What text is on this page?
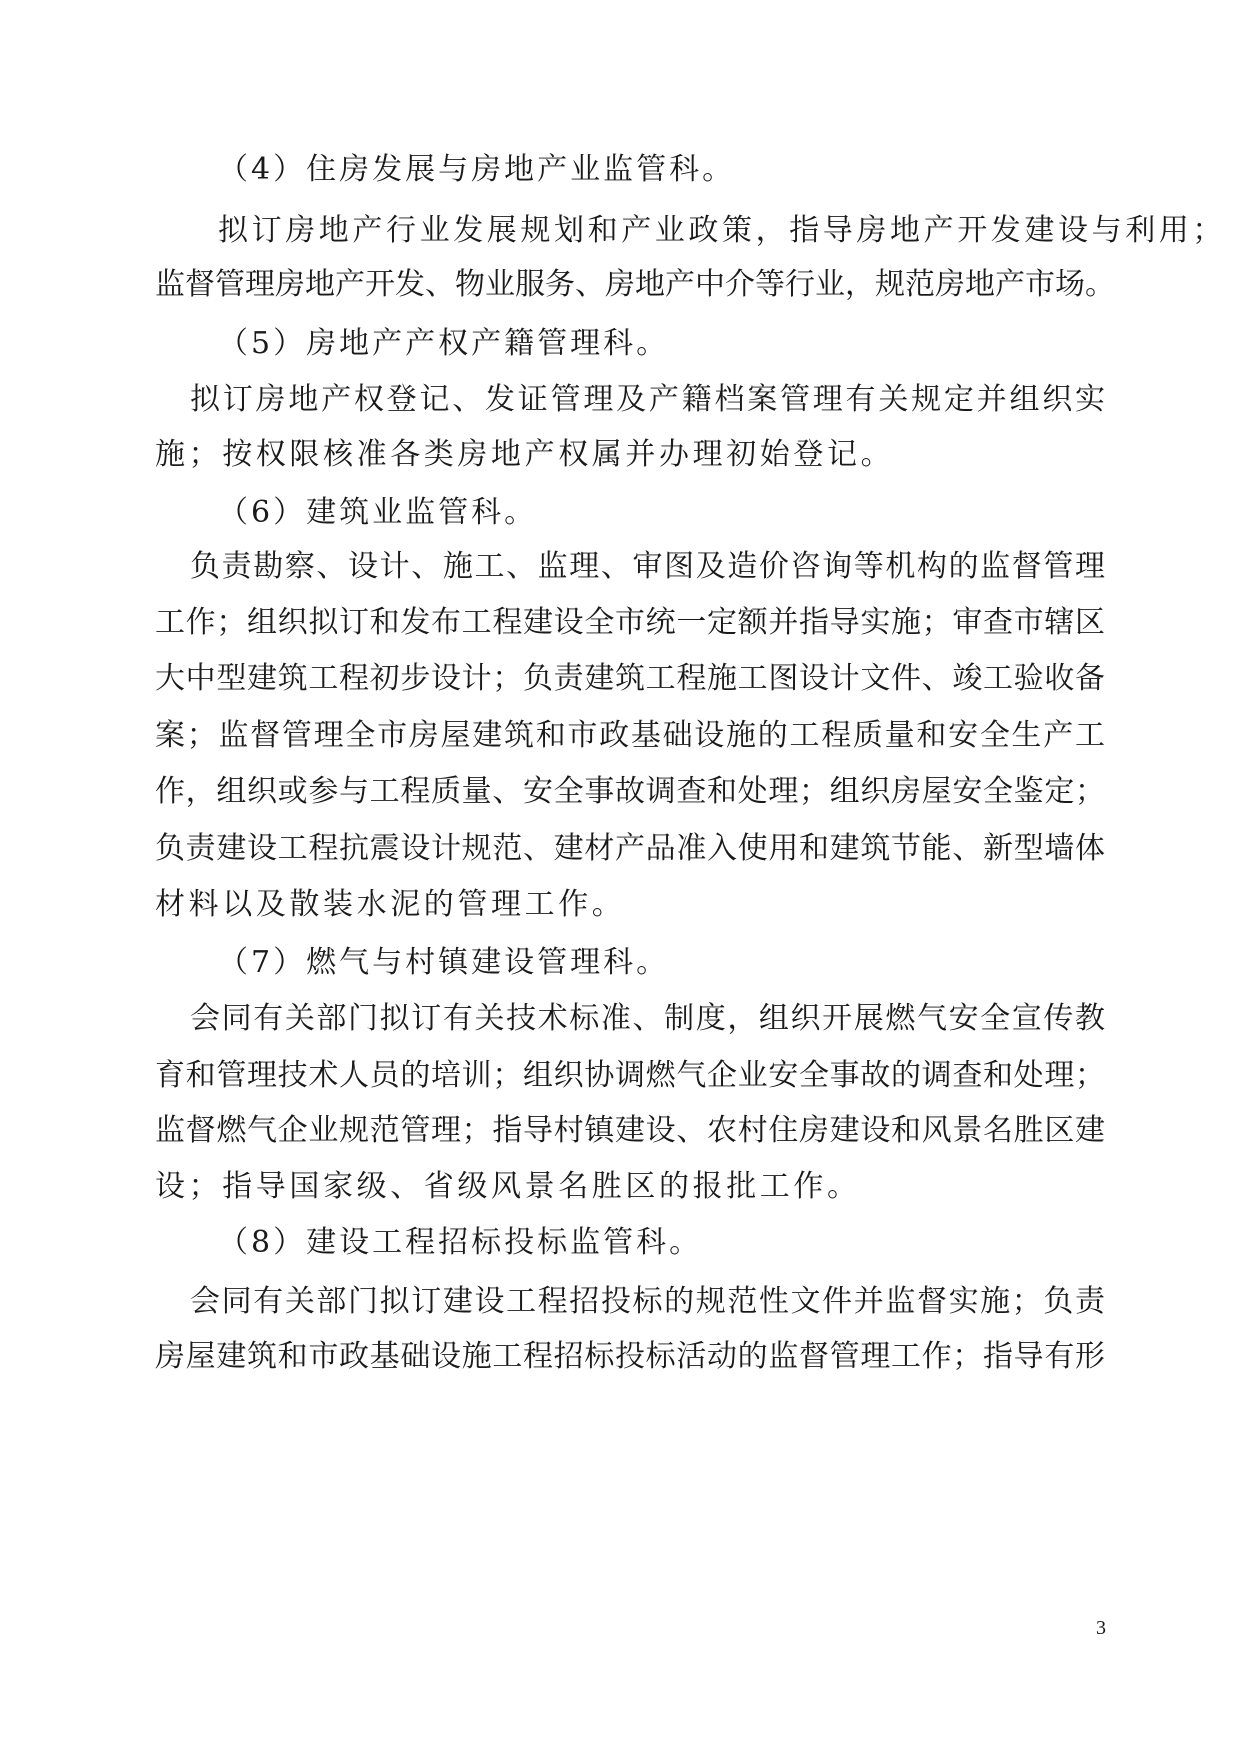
（4）住房发展与房地产业监管科。
拟订房地产行业发展规划和产业政策，指导房地产开发建设与利用；
监督管理房地产开发、物业服务、房地产中介等行业，规范房地产市场。
（5）房地产产权产籍管理科。
拟订房地产权登记、发证管理及产籍档案管理有关规定并组织实
施；按权限核准各类房地产权属并办理初始登记。
（6）建筑业监管科。
负责勘察、设计、施工、监理、审图及造价咨询等机构的监督管理
工作；组织拟订和发布工程建设全市统一定额并指导实施；审查市辖区
大中型建筑工程初步设计；负责建筑工程施工图设计文件、竣工验收备
案；监督管理全市房屋建筑和市政基础设施的工程质量和安全生产工
作，组织或参与工程质量、安全事故调查和处理；组织房屋安全鉴定；
负责建设工程抗震设计规范、建材产品准入使用和建筑节能、新型墙体
材料以及散装水泥的管理工作。
（7）燃气与村镇建设管理科。
会同有关部门拟订有关技术标准、制度，组织开展燃气安全宣传教
育和管理技术人员的培训；组织协调燃气企业安全事故的调查和处理；
监督燃气企业规范管理；指导村镇建设、农村住房建设和风景名胜区建
设；指导国家级、省级风景名胜区的报批工作。
（8）建设工程招标投标监管科。
会同有关部门拟订建设工程招投标的规范性文件并监督实施；负责
房屋建筑和市政基础设施工程招标投标活动的监督管理工作；指导有形
3
